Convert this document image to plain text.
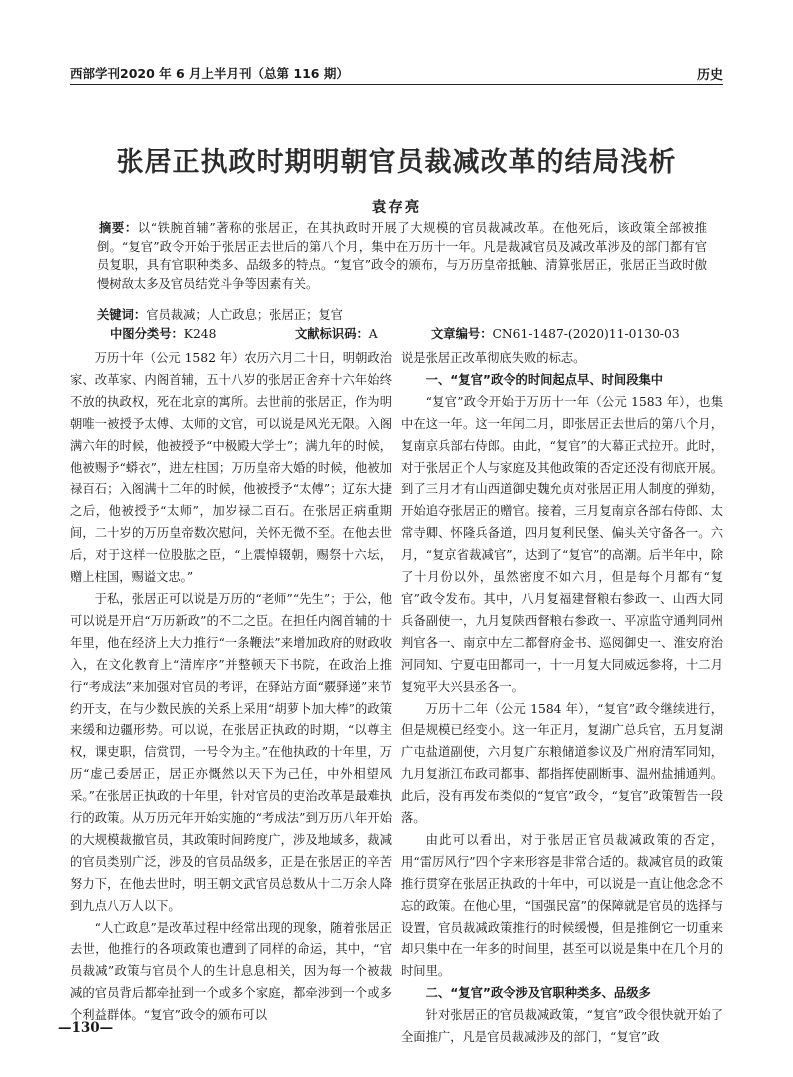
西部学刊2020 年 6 月上半月刊（总第 116 期）	历史
张居正执政时期明朝官员裁减改革的结局浅析
袁存亮
摘要：以“铁腕首辅”著称的张居正，在其执政时开展了大规模的官员裁减改革。在他死后，该政策全部被推倒。“复官”政令开始于张居正去世后的第八个月，集中在万历十一年。凡是裁减官员及减改革涉及的部门都有官员复职，具有官职种类多、品级多的特点。“复官”政令的颁布，与万历皇帝抵触、清算张居正，张居正当政时傲慢树敌太多及官员结党斗争等因素有关。
关键词：官员裁减；人亡政息；张居正；复官
中图分类号：K248	文献标识码：A	文章编号：CN61-1487-(2020)11-0130-03

万历十年（公元 1582 年）农历六月二十日，明朝政治家、改革家、内阁首辅，五十八岁的张居正舍弃十六年始终不放的执政权，死在北京的寓所。去世前的张居正，作为明朝唯一被授予太傅、太师的文官，可以说是风光无限。入阁满六年的时候，他被授予“中极殿大学士”；满九年的时候，他被赐予“蟒衣”，进左柱国；万历皇帝大婚的时候，他被加禄百石；入阁满十二年的时候，他被授予“太傅”；辽东大捷之后，他被授予“太师”，加岁禄二百石。在张居正病重期间，二十岁的万历皇帝数次慰问，关怀无微不至。在他去世后，对于这样一位股肱之臣，“上震悼辍朝，赐祭十六坛，赠上柱国，赐谥文忠。”

于私，张居正可以说是万历的“老师”“先生”；于公，他可以说是开启“万历新政”的不二之臣。在担任内阁首辅的十年里，他在经济上大力推行“一条鞭法”来增加政府的财政收入，在文化教育上“清库序”并整顿天下书院，在政治上推行“考成法”来加强对官员的考评，在驿站方面“覈驿递”来节约开支，在与少数民族的关系上采用“胡萝卜加大棒”的政策来缓和边疆形势。可以说，在张居正执政的时期，“以尊主权，课吏职，信赏罚，一号令为主。”在他执政的十年里，万历“虚己委居正，居正亦慨然以天下为己任，中外相望风采。”在张居正执政的十年里，针对官员的吏治改革是最难执行的政策。从万历元年开始实施的“考成法”到万历八年开始的大规模裁撤官员，其政策时间跨度广，涉及地域多，裁减的官员类别广泛，涉及的官员品级多，正是在张居正的辛苦努力下，在他去世时，明王朝文武官员总数从十二万余人降到九点八万人以下。

“人亡政息”是改革过程中经常出现的现象，随着张居正去世，他推行的各项政策也遭到了同样的命运，其中，“官员裁减”政策与官员个人的生计息息相关，因为每一个被裁减的官员背后都牵扯到一个或多个家庭，都牵涉到一个或多个利益群体。“复官”政令的颁布可以

说是张居正改革彻底失败的标志。

一、“复官”政令的时间起点早、时间段集中

“复官”政令开始于万历十一年（公元 1583 年），也集中在这一年。这一年闰二月，即张居正去世后的第八个月，复南京兵部右侍郎。由此，“复官”的大幕正式拉开。此时，对于张居正个人与家庭及其他政策的否定还没有彻底开展。到了三月才有山西道御史魏允贞对张居正用人制度的弹劾，开始追夺张居正的赠官。接着，三月复南京各部右侍郎、太常寺卿、怀隆兵备道，四月复利民堡、偏头关守备各一。六月，“复京省裁减官”，达到了“复官”的高潮。后半年中，除了十月份以外，虽然密度不如六月，但是每个月都有“复官”政令发布。其中，八月复福建督粮右参政一、山西大同兵备副使一，九月复陕西督粮右参政一、平凉监守通判同州判官各一、南京中左二都督府金书、巡阅御史一、淮安府治河同知、宁夏屯田都司一，十一月复大同威远参将，十二月复宛平大兴县丞各一。

万历十二年（公元 1584 年），“复官”政令继续进行，但是规模已经变小。这一年正月，复湖广总兵官，五月复湖广屯盐道副使，六月复广东粮储道参议及广州府清军同知，九月复浙江布政司都事、都指挥使副断事、温州盐捕通判。此后，没有再发布类似的“复官”政令，“复官”政策暂告一段落。

由此可以看出，对于张居正官员裁减政策的否定，用“雷厉风行”四个字来形容是非常合适的。裁减官员的政策推行贯穿在张居正执政的十年中，可以说是一直让他念念不忘的政策。在他心里，“国强民富”的保障就是官员的选择与设置，官员裁减政策推行的时候缓慢，但是推倒它一切重来却只集中在一年多的时间里，甚至可以说是集中在几个月的时间里。

二、“复官”政令涉及官职种类多、品级多

针对张居正的官员裁减政策，“复官”政令很快就开始了全面推广，凡是官员裁减涉及的部门，“复官”政

—130—
